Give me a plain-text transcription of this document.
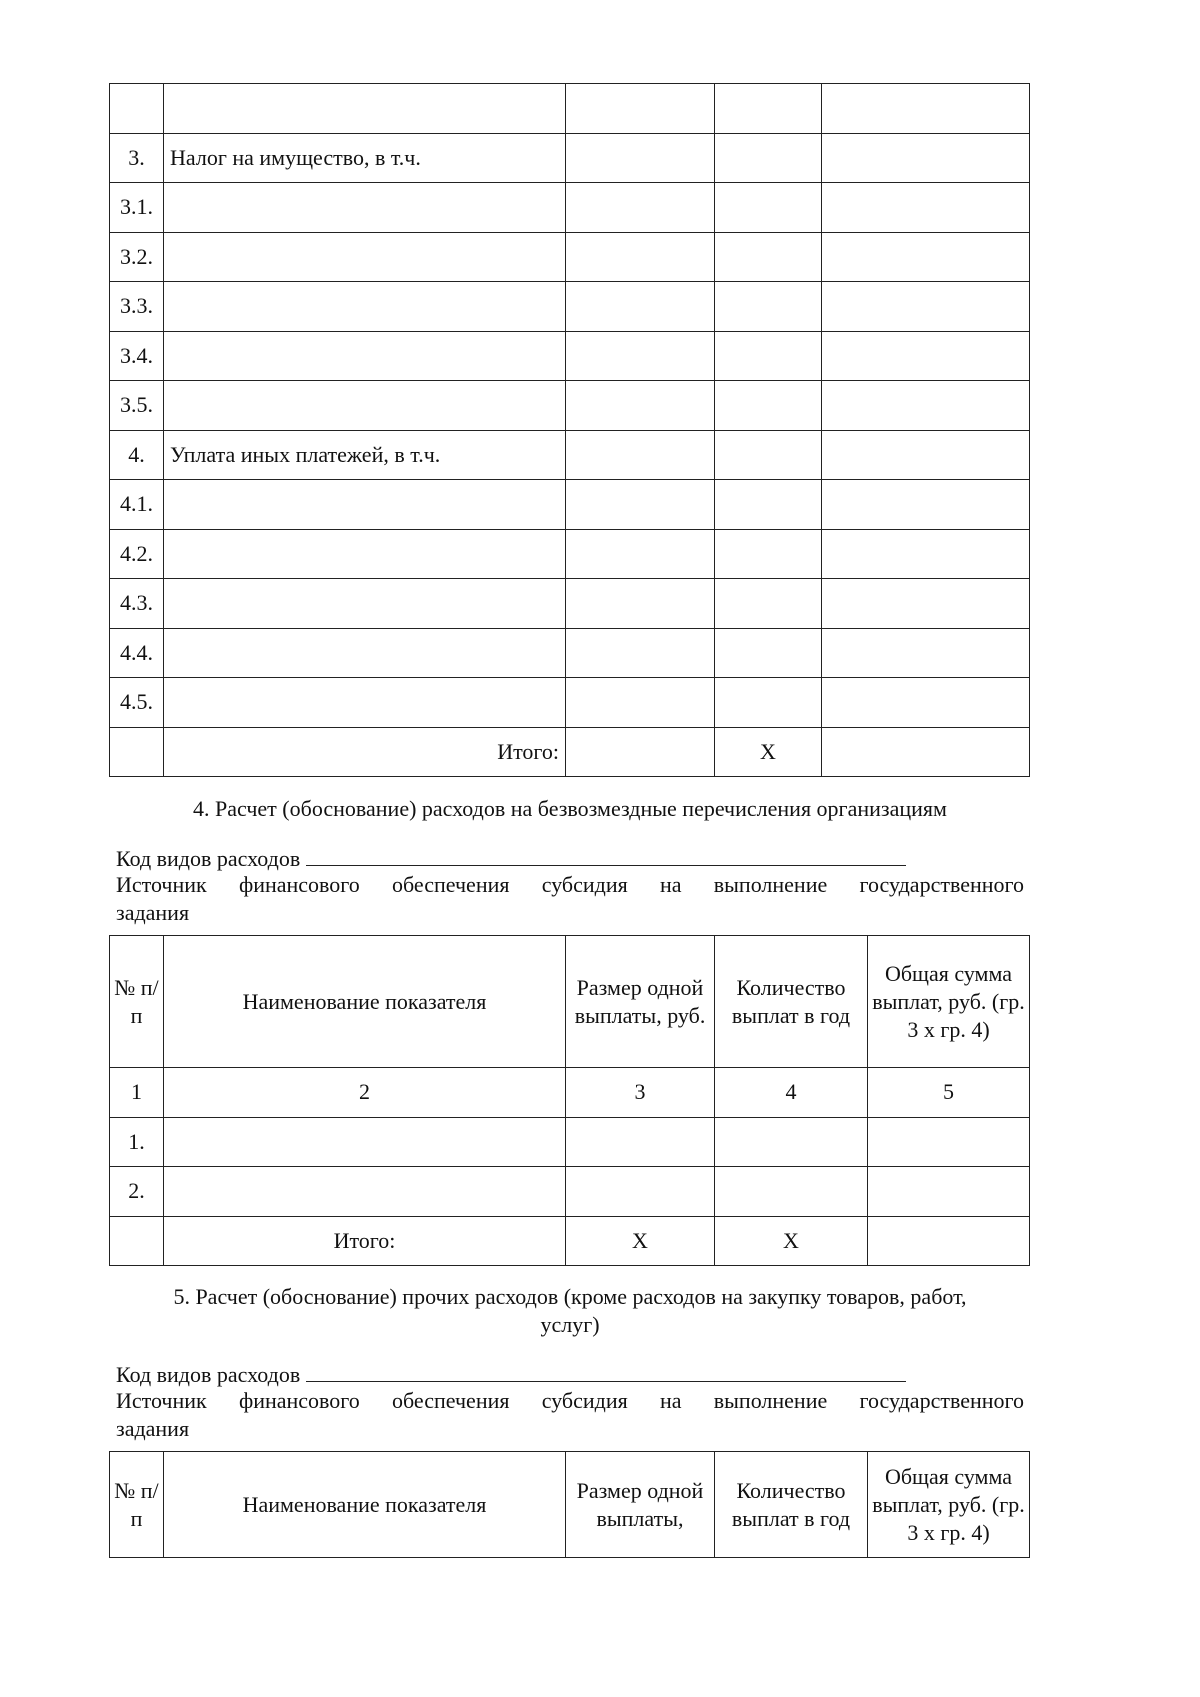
3.	Налог на имущество, в т.ч.			
3.1.				
3.2.				
3.3.				
3.4.				
3.5.				
4.	Уплата иных платежей, в т.ч.			
4.1.				
4.2.				
4.3.				
4.4.				
4.5.				
	Итого:		Х	

4. Расчет (обоснование) расходов на безвозмездные перечисления организациям

Код видов расходов

Источник финансового обеспечения субсидия на выполнение государственного

задания

№ п/п	Наименование показателя	Размер одной выплаты, руб.	Количество выплат в год	Общая сумма выплат, руб. (гр. 3 х гр. 4)
1	2	3	4	5
1.				
2.				
	Итого:	Х	Х	

5. Расчет (обоснование) прочих расходов (кроме расходов на закупку товаров, работ,

услуг)

Код видов расходов

Источник финансового обеспечения субсидия на выполнение государственного

задания

№ п/п	Наименование показателя	Размер одной выплаты,	Количество выплат в год	Общая сумма выплат, руб. (гр. 3 х гр. 4)
